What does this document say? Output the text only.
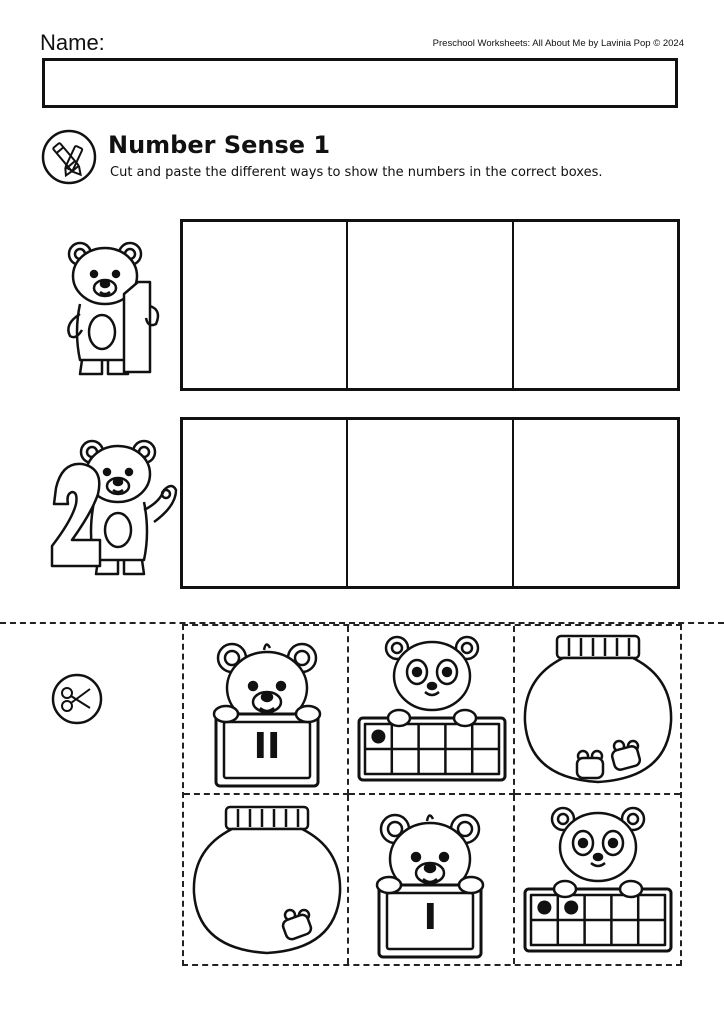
Name:	Preschool Worksheets: All About Me by Lavinia Pop © 2024
Number Sense 1
Cut and paste the different ways to show the numbers in the correct boxes.
II
I
